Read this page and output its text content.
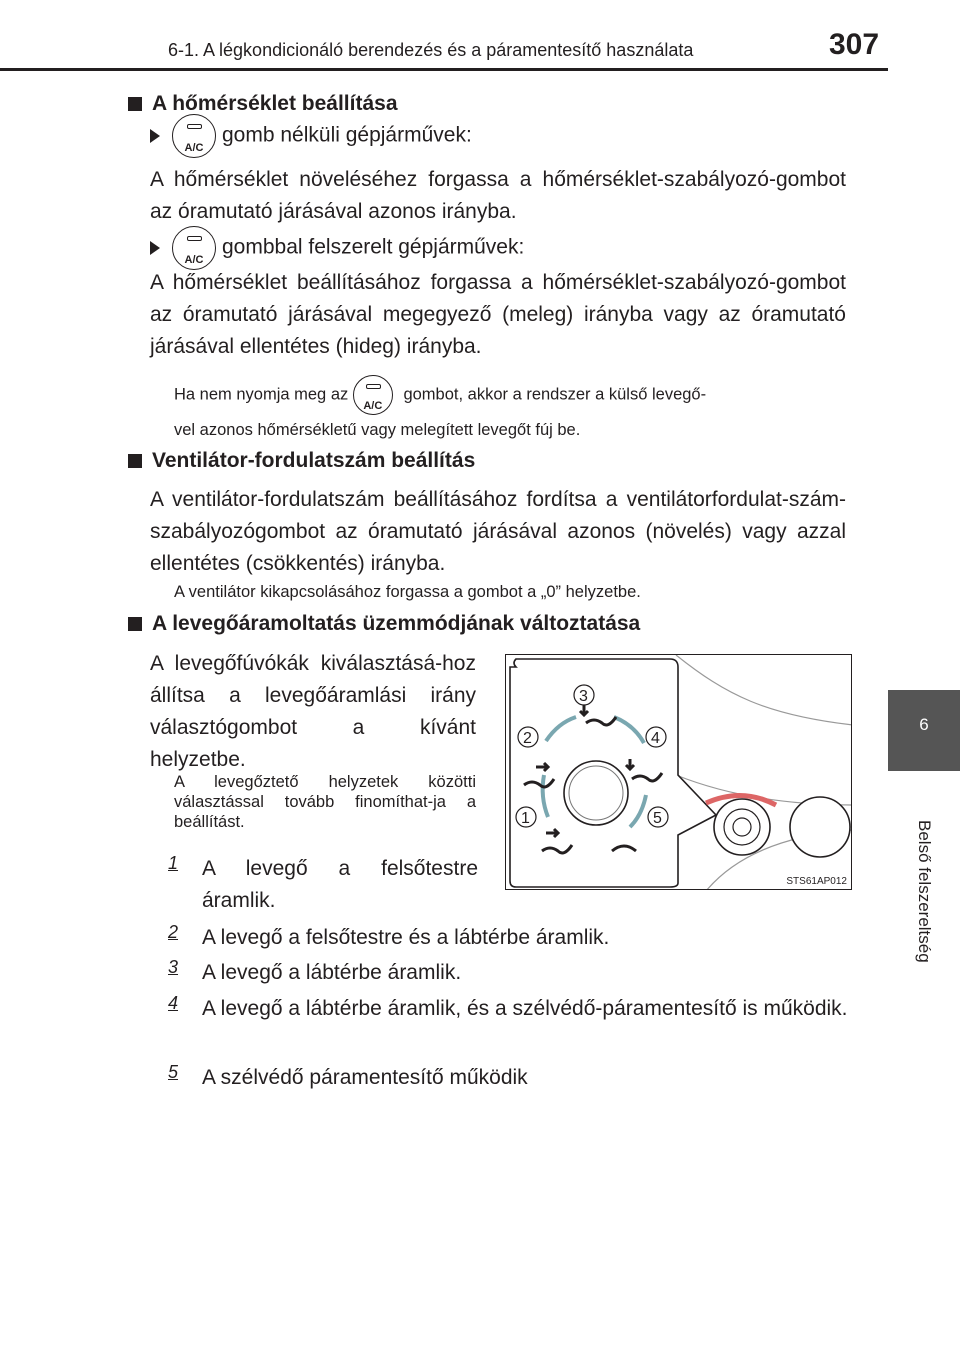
6-1. A légkondicionáló berendezés és a páramentesítő használata	307
6
Belső felszereltség
A hőmérséklet beállítása
A/C
gomb nélküli gépjárművek:
A hőmérséklet növeléséhez forgassa a hőmérséklet-szabályozó-gombot az óramutató járásával azonos irányba.
A/C
gombbal felszerelt gépjárművek:
A hőmérséklet beállításához forgassa a hőmérséklet-szabályozó-gombot az óramutató járásával megegyező (meleg) irányba vagy az óramutató járásával ellentétes (hideg) irányba.
Ha nem nyomja meg az
A/C
gombot, akkor a rendszer a külső levegő-
vel azonos hőmérsékletű vagy melegített levegőt fúj be.
Ventilátor-fordulatszám beállítás
A ventilátor-fordulatszám beállításához fordítsa a ventilátorfordulat-szám-szabályozógombot az óramutató járásával azonos (növelés) vagy azzal ellentétes (csökkentés) irányba.
A ventilátor kikapcsolásához forgassa a gombot a „0” helyzetbe.
A levegőáramoltatás üzemmódjának változtatása
A levegőfúvókák kiválasztásá-hoz állítsa a levegőáramlási irány választógombot a kívánt helyzetbe.
A levegőztető helyzetek közötti választással tovább finomíthat-ja a beállítást.
1 A levegő a felsőtestre áramlik.
2 A levegő a felsőtestre és a lábtérbe áramlik.
3 A levegő a lábtérbe áramlik.
4 A levegő a lábtérbe áramlik, és a szélvédő-páramentesítő is működik.
5 A szélvédő páramentesítő működik
3
2	4
1	5
STS61AP012
